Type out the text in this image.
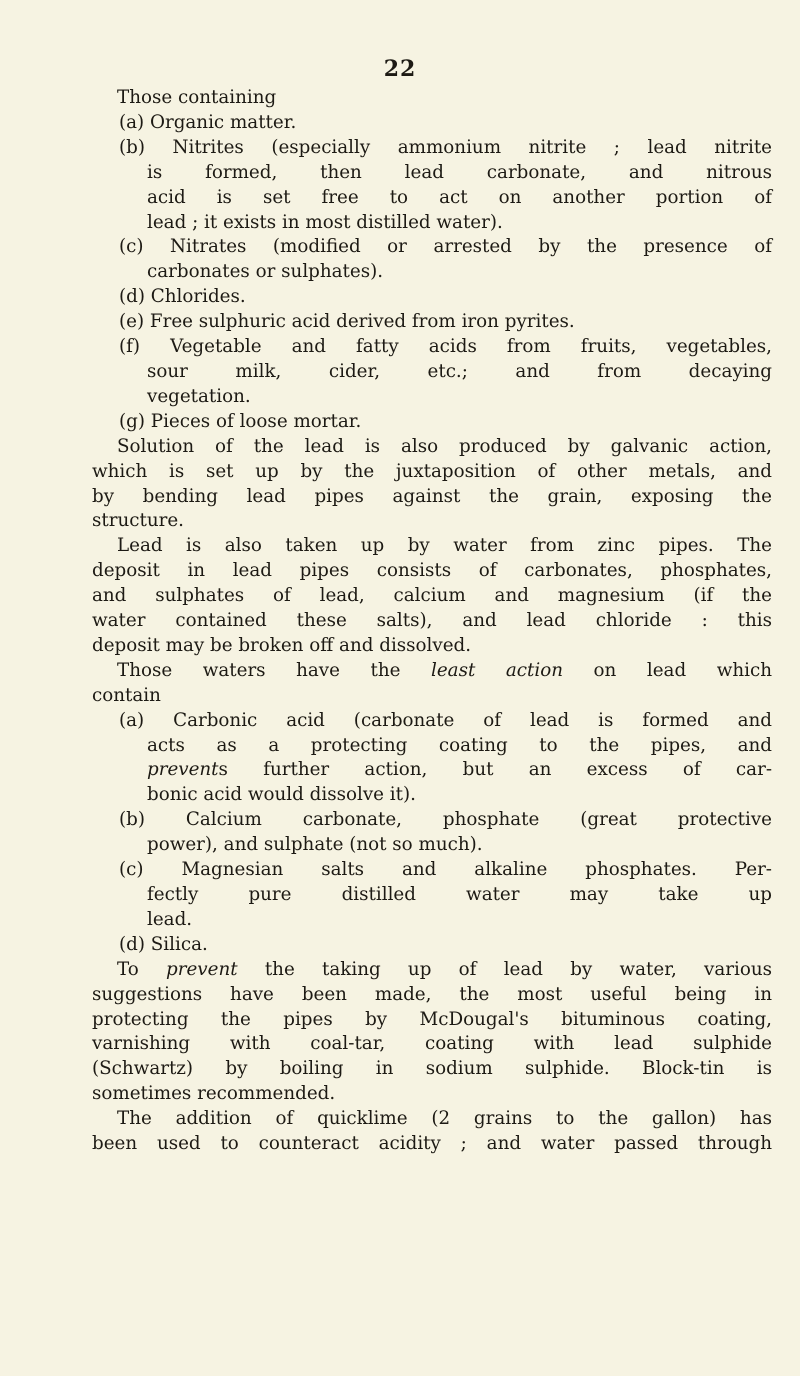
22

Those containing

(a) Organic matter.

(b) Nitrites (especially ammonium nitrite ; lead nitrite

is formed, then lead carbonate, and nitrous

acid is set free to act on another portion of

lead ; it exists in most distilled water).

(c) Nitrates (modified or arrested by the presence of

carbonates or sulphates).

(d) Chlorides.

(e) Free sulphuric acid derived from iron pyrites.

(f) Vegetable and fatty acids from fruits, vegetables,

sour milk, cider, etc.; and from decaying

vegetation.

(g) Pieces of loose mortar.

Solution of the lead is also produced by galvanic action,

which is set up by the juxtaposition of other metals, and

by bending lead pipes against the grain, exposing the

structure.

Lead is also taken up by water from zinc pipes. The

deposit in lead pipes consists of carbonates, phosphates,

and sulphates of lead, calcium and magnesium (if the

water contained these salts), and lead chloride : this

deposit may be broken off and dissolved.

Those waters have the least action on lead which

contain

(a) Carbonic acid (carbonate of lead is formed and

acts as a protecting coating to the pipes, and

prevents further action, but an excess of car-

bonic acid would dissolve it).

(b) Calcium carbonate, phosphate (great protective

power), and sulphate (not so much).

(c) Magnesian salts and alkaline phosphates. Per-

fectly pure distilled water may take up

lead.

(d) Silica.

To prevent the taking up of lead by water, various

suggestions have been made, the most useful being in

protecting the pipes by McDougal's bituminous coating,

varnishing with coal-tar, coating with lead sulphide

(Schwartz) by boiling in sodium sulphide. Block-tin is

sometimes recommended.

The addition of quicklime (2 grains to the gallon) has

been used to counteract acidity ; and water passed through
